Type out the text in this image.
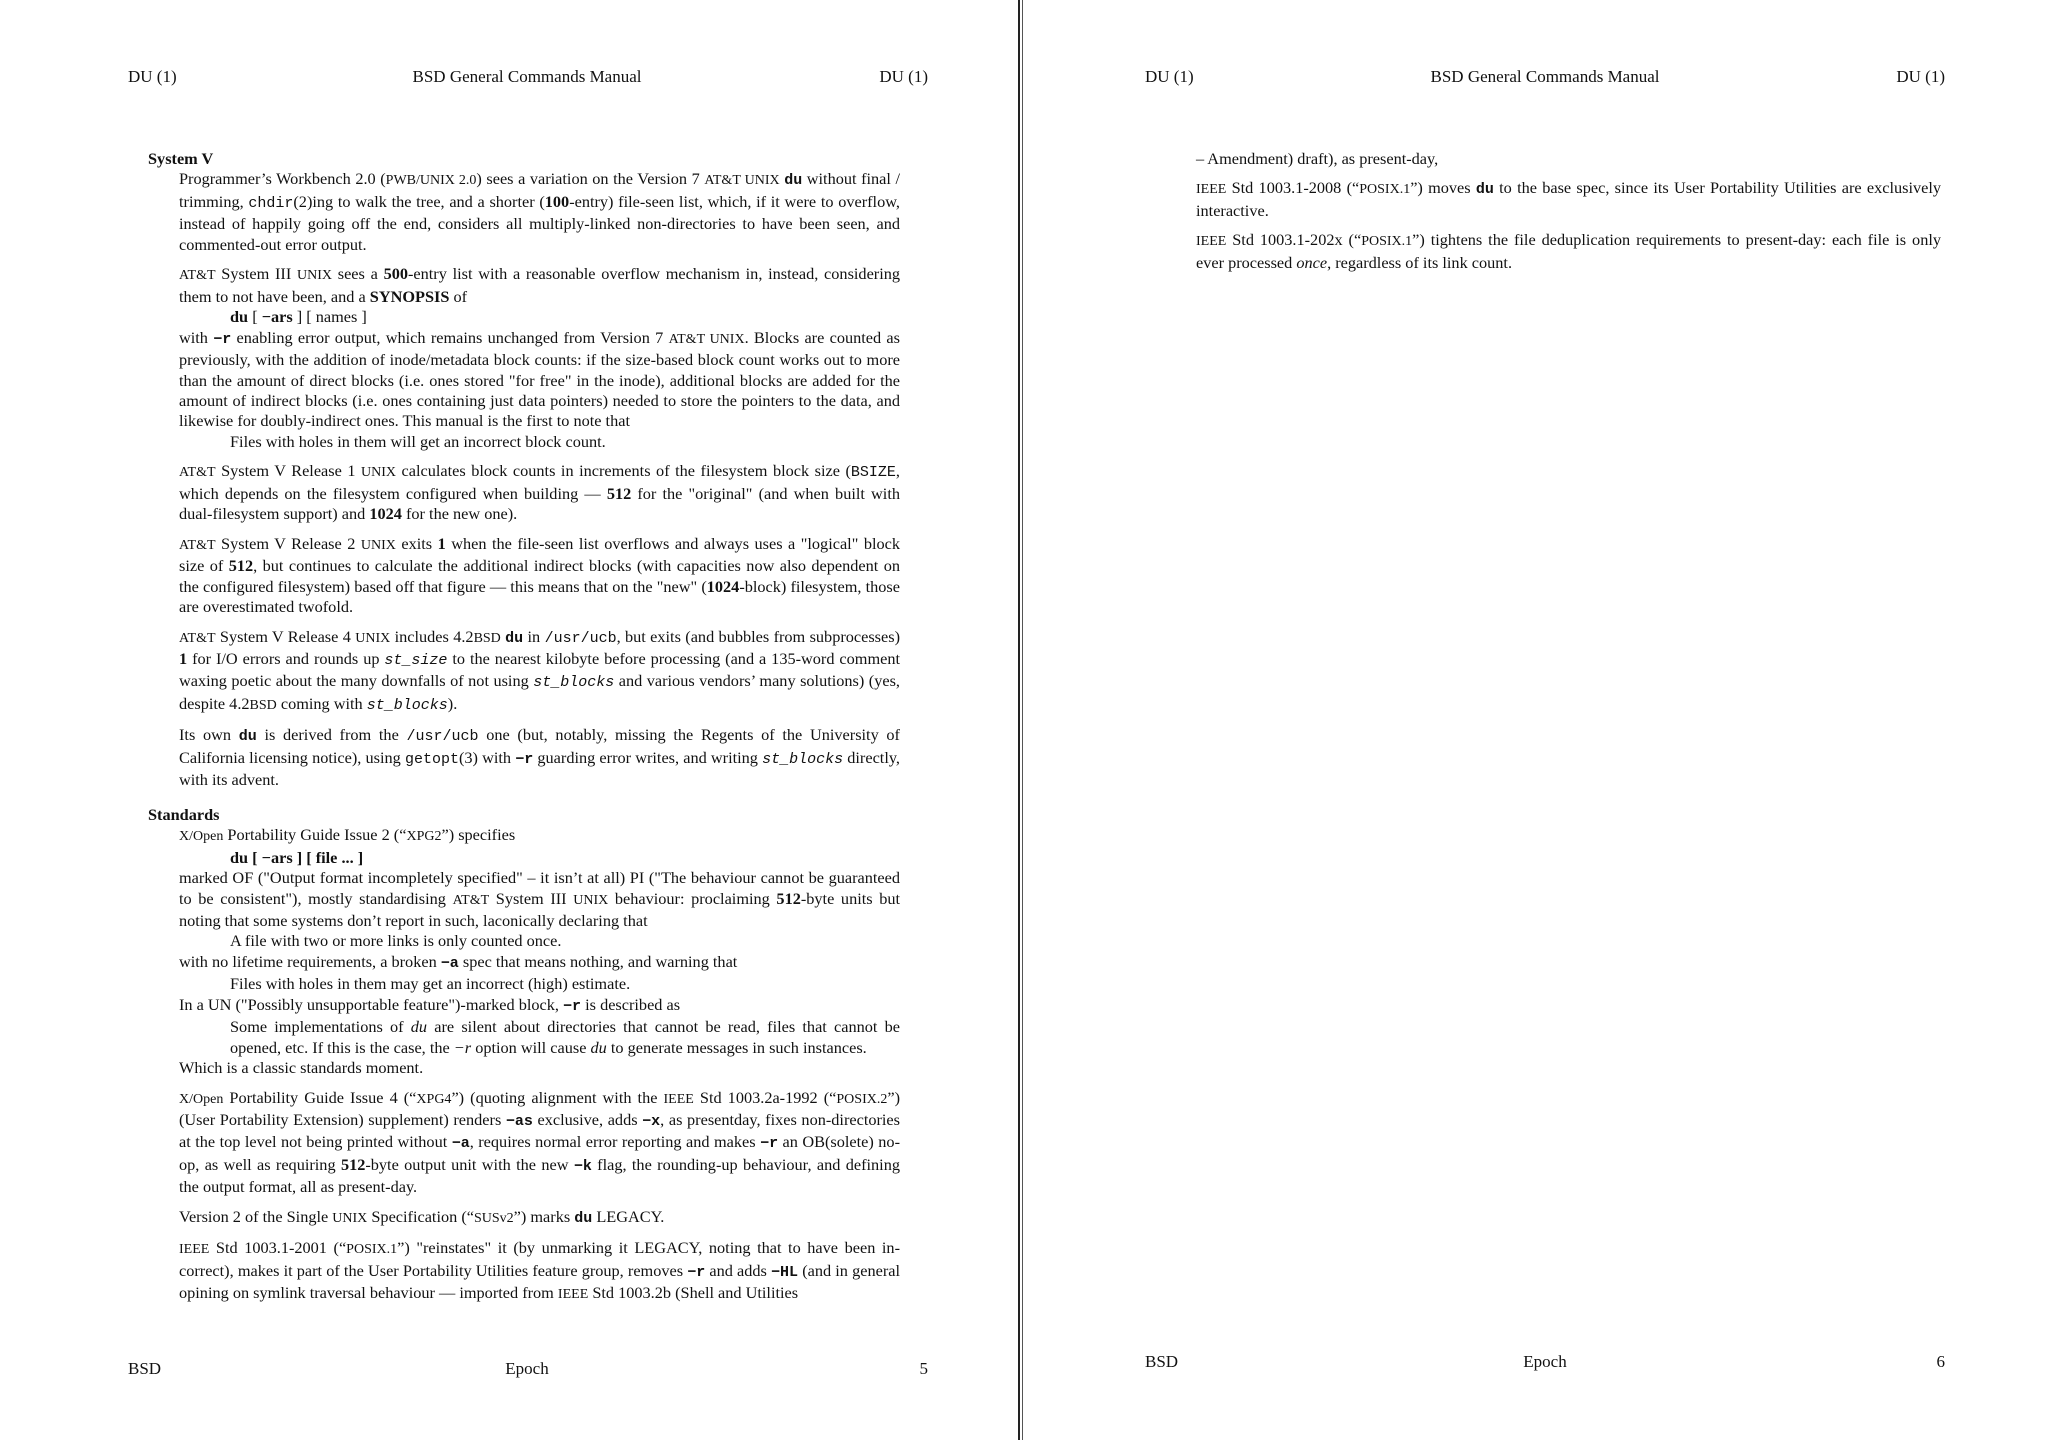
DU (1)	BSD General Commands Manual	DU (1)
System V

Programmer’s Workbench 2.0 (PWB/UNIX 2.0) sees a variation on the Version 7 AT&T UNIX du without final / trimming, chdir(2)ing to walk the tree, and a shorter (100-entry) file-seen list, which, if it were to overflow, instead of happily going off the end, considers all multiply-linked non-directories to have been seen, and commented-out error output.

AT&T System III UNIX sees a 500-entry list with a reasonable overflow mechanism in, instead, considering them to not have been, and a SYNOPSIS of

du [ −ars ] [ names ]

with −r enabling error output, which remains unchanged from Version 7 AT&T UNIX. Blocks are counted as previously, with the addition of inode/metadata block counts: if the size-based block count works out to more than the amount of direct blocks (i.e. ones stored "for free" in the inode), additional blocks are added for the amount of indirect blocks (i.e. ones containing just data pointers) needed to store the pointers to the data, and likewise for doubly-indirect ones. This manual is the first to note that

Files with holes in them will get an incorrect block count.

AT&T System V Release 1 UNIX calculates block counts in increments of the filesystem block size (BSIZE, which depends on the filesystem configured when building — 512 for the "original" (and when built with dual-filesystem support) and 1024 for the new one).

AT&T System V Release 2 UNIX exits 1 when the file-seen list overflows and always uses a "logical" block size of 512, but continues to calculate the additional indirect blocks (with capacities now also dependent on the configured filesystem) based off that figure — this means that on the "new" (1024-block) filesystem, those are overestimated twofold.

AT&T System V Release 4 UNIX includes 4.2BSD du in /usr/ucb, but exits (and bubbles from subprocesses) 1 for I/O errors and rounds up st_size to the nearest kilobyte before processing (and a 135-word comment waxing poetic about the many downfalls of not using st_blocks and various vendors’ many solutions) (yes, despite 4.2BSD coming with st_blocks).

Its own du is derived from the /usr/ucb one (but, notably, missing the Regents of the University of California licensing notice), using getopt(3) with −r guarding error writes, and writing st_blocks directly, with its advent.

Standards

X/Open Portability Guide Issue 2 (“XPG2”) specifies

du [ −ars ] [ file ... ]

marked OF ("Output format incompletely specified" – it isn’t at all) PI ("The behaviour cannot be guaranteed to be consistent"), mostly standardising AT&T System III UNIX behaviour: proclaiming 512-byte units but noting that some systems don’t report in such, laconically declaring that

A file with two or more links is only counted once.

with no lifetime requirements, a broken −a spec that means nothing, and warning that

Files with holes in them may get an incorrect (high) estimate.

In a UN ("Possibly unsupportable feature")-marked block, −r is described as

Some implementations of du are silent about directories that cannot be read, files that cannot be opened, etc. If this is the case, the −r option will cause du to generate messages in such instances.

Which is a classic standards moment.

X/Open Portability Guide Issue 4 (“XPG4”) (quoting alignment with the IEEE Std 1003.2a-1992 (“POSIX.2”) (User Portability Extension) supplement) renders −as exclusive, adds −x, as presentday, fixes non-directories at the top level not being printed without −a, requires normal error reporting and makes −r an OB(solete) no-op, as well as requiring 512-byte output unit with the new −k flag, the rounding-up behaviour, and defining the output format, all as present-day.

Version 2 of the Single UNIX Specification (“SUSv2”) marks du LEGACY.

IEEE Std 1003.1-2001 (“POSIX.1”) "reinstates" it (by unmarking it LEGACY, noting that to have been incorrect), makes it part of the User Portability Utilities feature group, removes −r and adds −HL (and in general opining on symlink traversal behaviour — imported from IEEE Std 1003.2b (Shell and Utilities

BSD	Epoch	5
DU (1)	BSD General Commands Manual	DU (1)

– Amendment) draft), as present-day,

IEEE Std 1003.1-2008 (“POSIX.1”) moves du to the base spec, since its User Portability Utilities are exclusively interactive.

IEEE Std 1003.1-202x (“POSIX.1”) tightens the file deduplication requirements to present-day: each file is only ever processed once, regardless of its link count.

BSD	Epoch	6
